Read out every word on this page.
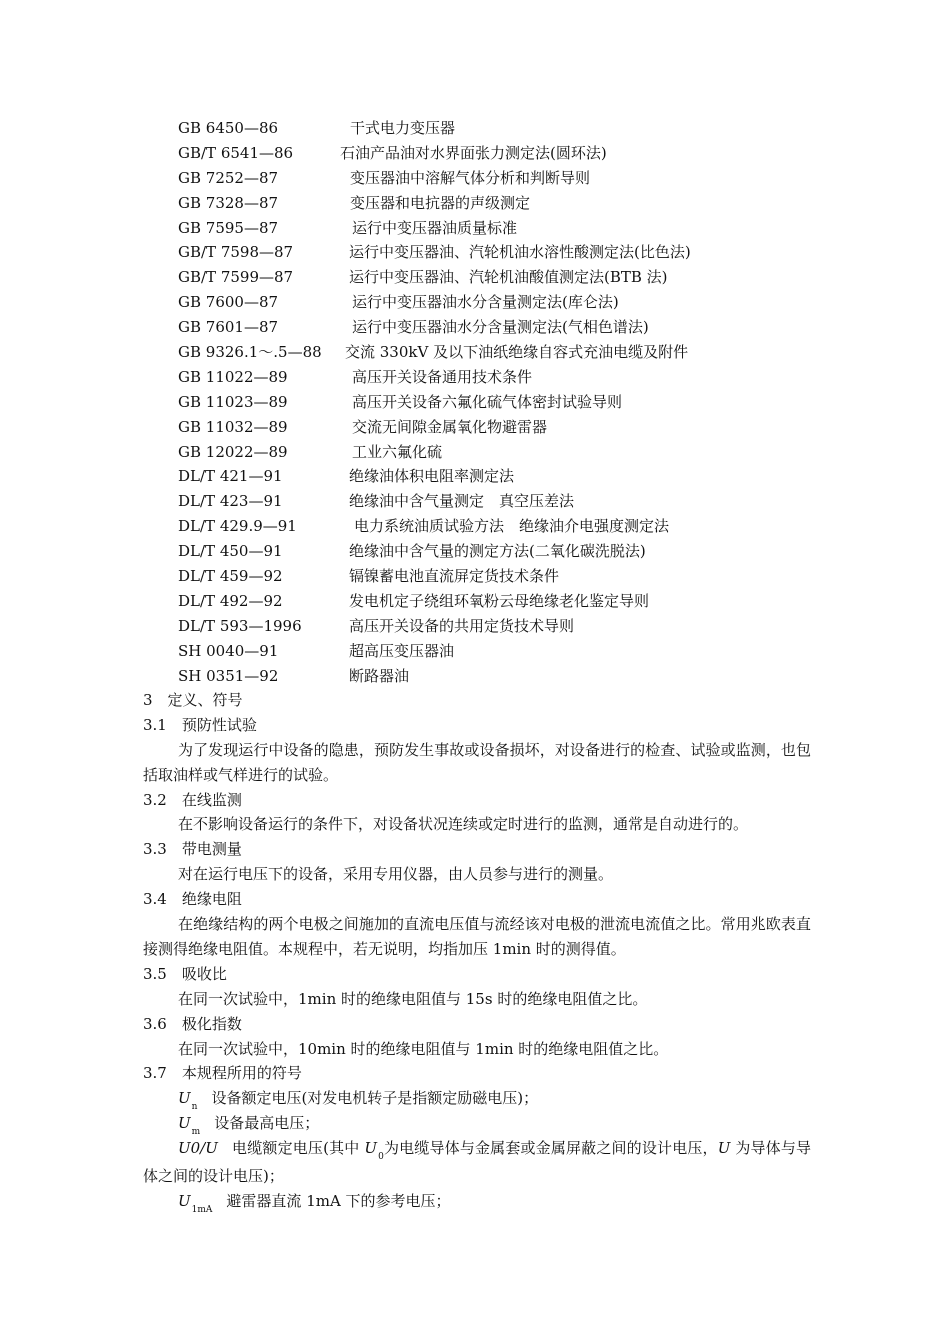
GB 6450—86	干式电力变压器
GB/T 6541—86	石油产品油对水界面张力测定法(圆环法)
GB 7252—87	变压器油中溶解气体分析和判断导则
GB 7328—87	变压器和电抗器的声级测定
GB 7595—87	运行中变压器油质量标准
GB/T 7598—87	运行中变压器油、汽轮机油水溶性酸测定法(比色法)
GB/T 7599—87	运行中变压器油、汽轮机油酸值测定法(BTB 法)
GB 7600—87	运行中变压器油水分含量测定法(库仑法)
GB 7601—87	运行中变压器油水分含量测定法(气相色谱法)
GB 9326.1～.5—88 交流 330kV 及以下油纸绝缘自容式充油电缆及附件
GB 11022—89	高压开关设备通用技术条件
GB 11023—89	高压开关设备六氟化硫气体密封试验导则
GB 11032—89	交流无间隙金属氧化物避雷器
GB 12022—89	工业六氟化硫
DL/T 421—91	绝缘油体积电阻率测定法
DL/T 423—91	绝缘油中含气量测定　真空压差法
DL/T 429.9—91	电力系统油质试验方法　绝缘油介电强度测定法
DL/T 450—91	绝缘油中含气量的测定方法(二氧化碳洗脱法)
DL/T 459—92	镉镍蓄电池直流屏定货技术条件
DL/T 492—92	发电机定子绕组环氧粉云母绝缘老化鉴定导则
DL/T 593—1996	高压开关设备的共用定货技术导则
SH 0040—91	超高压变压器油
SH 0351—92	断路器油
3　定义、符号
3.1　预防性试验
为了发现运行中设备的隐患，预防发生事故或设备损坏，对设备进行的检查、试验或监测，也包括取油样或气样进行的试验。
3.2　在线监测
在不影响设备运行的条件下，对设备状况连续或定时进行的监测，通常是自动进行的。
3.3　带电测量
对在运行电压下的设备，采用专用仪器，由人员参与进行的测量。
3.4　绝缘电阻
在绝缘结构的两个电极之间施加的直流电压值与流经该对电极的泄流电流值之比。常用兆欧表直接测得绝缘电阻值。本规程中，若无说明，均指加压 1min 时的测得值。
3.5　吸收比
在同一次试验中，1min 时的绝缘电阻值与 15s 时的绝缘电阻值之比。
3.6　极化指数
在同一次试验中，10min 时的绝缘电阻值与 1min 时的绝缘电阻值之比。
3.7　本规程所用的符号
$U_n$ 设备额定电压(对发电机转子是指额定励磁电压)；
$U_m$ 设备最高电压；
U0/U 电缆额定电压(其中 $U_0$为电缆导体与金属套或金属屏蔽之间的设计电压，U 为导体与导体之间的设计电压)；
$U_{1mA}$ 避雷器直流 1mA 下的参考电压；
